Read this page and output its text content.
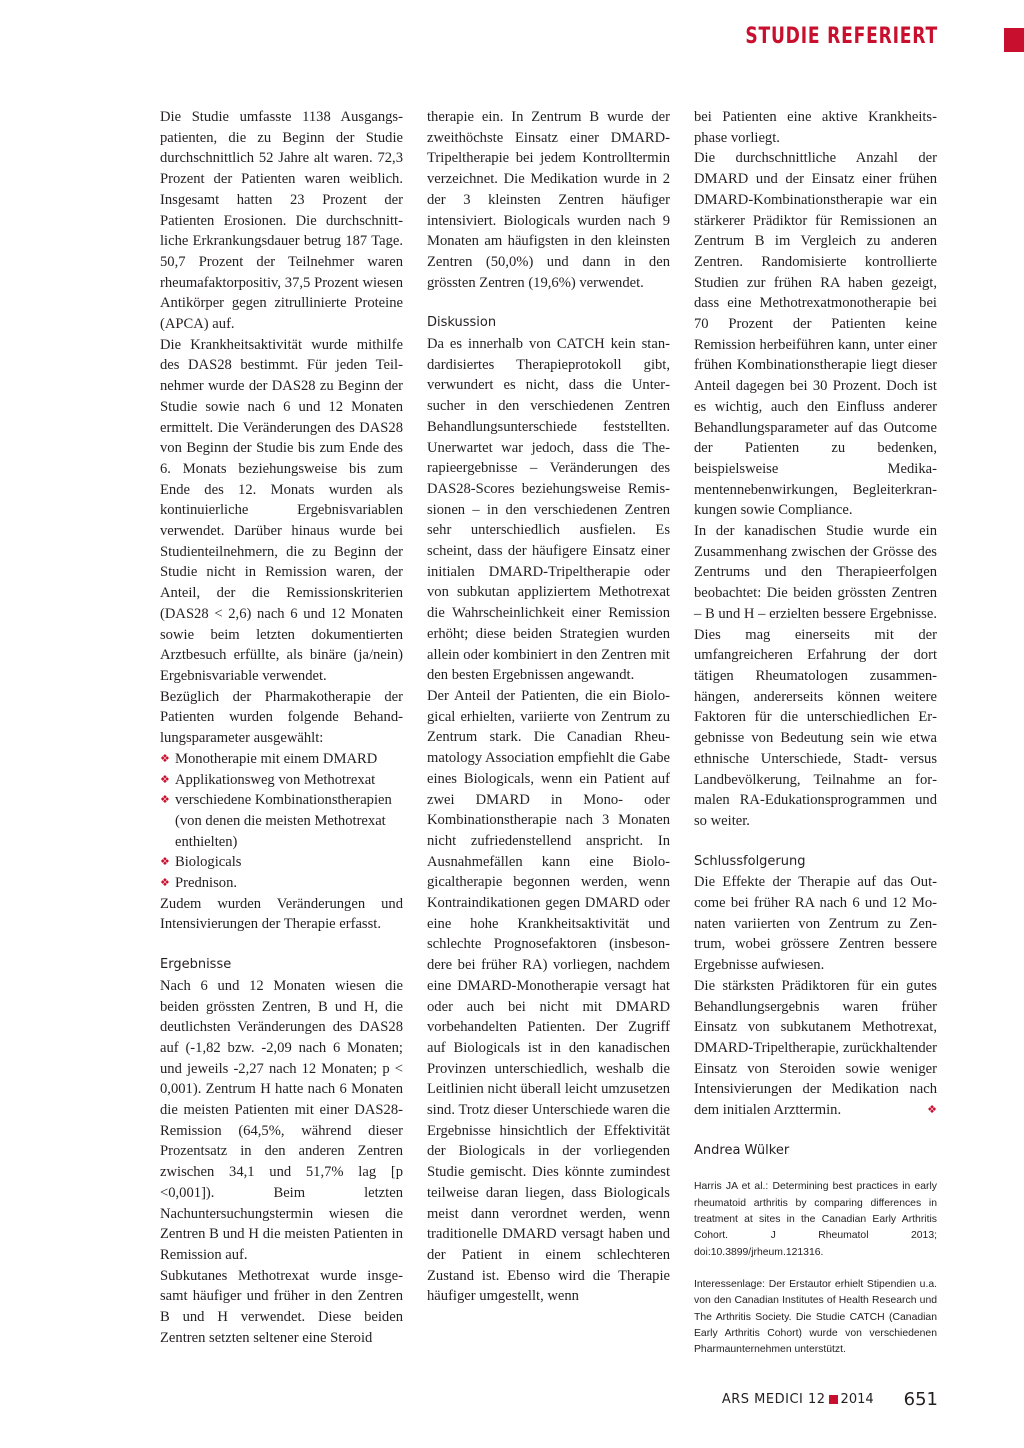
STUDIE REFERIERT

Die Studie umfasste 1138 Ausgangspatienten, die zu Beginn der Studie durchschnittlich 52 Jahre alt waren. 72,3 Prozent der Patienten waren weiblich. Insgesamt hatten 23 Prozent der Patienten Erosionen. Die durchschnittliche Erkrankungsdauer betrug 187 Tage. 50,7 Prozent der Teilnehmer waren rheumafaktorpositiv, 37,5 Prozent wiesen Antikörper gegen zitrullinierte Proteine (APCA) auf.

Die Krankheitsaktivität wurde mithilfe des DAS28 bestimmt. Für jeden Teilnehmer wurde der DAS28 zu Beginn der Studie sowie nach 6 und 12 Monaten ermittelt. Die Veränderungen des DAS28 von Beginn der Studie bis zum Ende des 6. Monats beziehungsweise bis zum Ende des 12. Monats wurden als kontinuierliche Ergebnisvariablen verwendet. Darüber hinaus wurde bei Studienteilnehmern, die zu Beginn der Studie nicht in Remission waren, der Anteil, der die Remissionskriterien (DAS28 < 2,6) nach 6 und 12 Monaten sowie beim letzten dokumentierten Arztbesuch erfüllte, als binäre (ja/nein) Ergebnisvariable verwendet.

Bezüglich der Pharmakotherapie der Patienten wurden folgende Behandlungsparameter ausgewählt:

❖ Monotherapie mit einem DMARD
❖ Applikationsweg von Methotrexat
❖ verschiedene Kombinationstherapien (von denen die meisten Methotrexat enthielten)
❖ Biologicals
❖ Prednison.

Zudem wurden Veränderungen und Intensivierungen der Therapie erfasst.

Ergebnisse

Nach 6 und 12 Monaten wiesen die beiden grössten Zentren, B und H, die deutlichsten Veränderungen des DAS28 auf (-1,82 bzw. -2,09 nach 6 Monaten; und jeweils -2,27 nach 12 Monaten; p < 0,001). Zentrum H hatte nach 6 Monaten die meisten Patienten mit einer DAS28-Remission (64,5%, während dieser Prozentsatz in den anderen Zentren zwischen 34,1 und 51,7% lag [p <0,001]). Beim letzten Nachuntersuchungstermin wiesen die Zentren B und H die meisten Patienten in Remission auf.

Subkutanes Methotrexat wurde insgesamt häufiger und früher in den Zentren B und H verwendet. Diese beiden Zentren setzten seltener eine Steroid

therapie ein. In Zentrum B wurde der zweithöchste Einsatz einer DMARD-Tripeltherapie bei jedem Kontrolltermin verzeichnet. Die Medikation wurde in 2 der 3 kleinsten Zentren häufiger intensiviert. Biologicals wurden nach 9 Monaten am häufigsten in den kleinsten Zentren (50,0%) und dann in den grössten Zentren (19,6%) verwendet.

Diskussion

Da es innerhalb von CATCH kein standardisiertes Therapieprotokoll gibt, verwundert es nicht, dass die Untersucher in den verschiedenen Zentren Behandlungsunterschiede feststellten. Unerwartet war jedoch, dass die Therapieergebnisse – Veränderungen des DAS28-Scores beziehungsweise Remissionen – in den verschiedenen Zentren sehr unterschiedlich ausfielen. Es scheint, dass der häufigere Einsatz einer initialen DMARD-Tripeltherapie oder von subkutan appliziertem Methotrexat die Wahrscheinlichkeit einer Remission erhöht; diese beiden Strategien wurden allein oder kombiniert in den Zentren mit den besten Ergebnissen angewandt.

Der Anteil der Patienten, die ein Biological erhielten, variierte von Zentrum zu Zentrum stark. Die Canadian Rheumatology Association empfiehlt die Gabe eines Biologicals, wenn ein Patient auf zwei DMARD in Mono- oder Kombinationstherapie nach 3 Monaten nicht zufriedenstellend anspricht. In Ausnahmefällen kann eine Biologicaltherapie begonnen werden, wenn Kontraindikationen gegen DMARD oder eine hohe Krankheitsaktivität und schlechte Prognosefaktoren (insbesondere bei früher RA) vorliegen, nachdem eine DMARD-Monotherapie versagt hat oder auch bei nicht mit DMARD vorbehandelten Patienten. Der Zugriff auf Biologicals ist in den kanadischen Provinzen unterschiedlich, weshalb die Leitlinien nicht überall leicht umzusetzen sind. Trotz dieser Unterschiede waren die Ergebnisse hinsichtlich der Effektivität der Biologicals in der vorliegenden Studie gemischt. Dies könnte zumindest teilweise daran liegen, dass Biologicals meist dann verordnet werden, wenn traditionelle DMARD versagt haben und der Patient in einem schlechteren Zustand ist. Ebenso wird die Therapie häufiger umgestellt, wenn

bei Patienten eine aktive Krankheitsphase vorliegt.

Die durchschnittliche Anzahl der DMARD und der Einsatz einer frühen DMARD-Kombinationstherapie war ein stärkerer Prädiktor für Remissionen an Zentrum B im Vergleich zu anderen Zentren. Randomisierte kontrollierte Studien zur frühen RA haben gezeigt, dass eine Methotrexatmonotherapie bei 70 Prozent der Patienten keine Remission herbeiführen kann, unter einer frühen Kombinationstherapie liegt dieser Anteil dagegen bei 30 Prozent. Doch ist es wichtig, auch den Einfluss anderer Behandlungsparameter auf das Outcome der Patienten zu bedenken, beispielsweise Medikamentennebenwirkungen, Begleiterkrankungen sowie Compliance.

In der kanadischen Studie wurde ein Zusammenhang zwischen der Grösse des Zentrums und den Therapieerfolgen beobachtet: Die beiden grössten Zentren – B und H – erzielten bessere Ergebnisse. Dies mag einerseits mit der umfangreicheren Erfahrung der dort tätigen Rheumatologen zusammenhängen, andererseits können weitere Faktoren für die unterschiedlichen Ergebnisse von Bedeutung sein wie etwa ethnische Unterschiede, Stadt- versus Landbevölkerung, Teilnahme an formalen RA-Edukationsprogrammen und so weiter.

Schlussfolgerung

Die Effekte der Therapie auf das Outcome bei früher RA nach 6 und 12 Monaten variierten von Zentrum zu Zentrum, wobei grössere Zentren bessere Ergebnisse aufwiesen.

Die stärksten Prädiktoren für ein gutes Behandlungsergebnis waren früher Einsatz von subkutanem Methotrexat, DMARD-Tripeltherapie, zurückhaltender Einsatz von Steroiden sowie weniger Intensivierungen der Medikation nach dem initialen Arzttermin.	❖

Andrea Wülker
Harris JA et al.: Determining best practices in early rheumatoid arthritis by comparing differences in treatment at sites in the Canadian Early Arthritis Cohort. J Rheumatol 2013; doi:10.3899/jrheum.121316.
Interessenlage: Der Erstautor erhielt Stipendien u.a. von den Canadian Institutes of Health Research und The Arthritis Society. Die Studie CATCH (Canadian Early Arthritis Cohort) wurde von verschiedenen Pharmaunternehmen unterstützt.
ARS MEDICI 12 2014 651
